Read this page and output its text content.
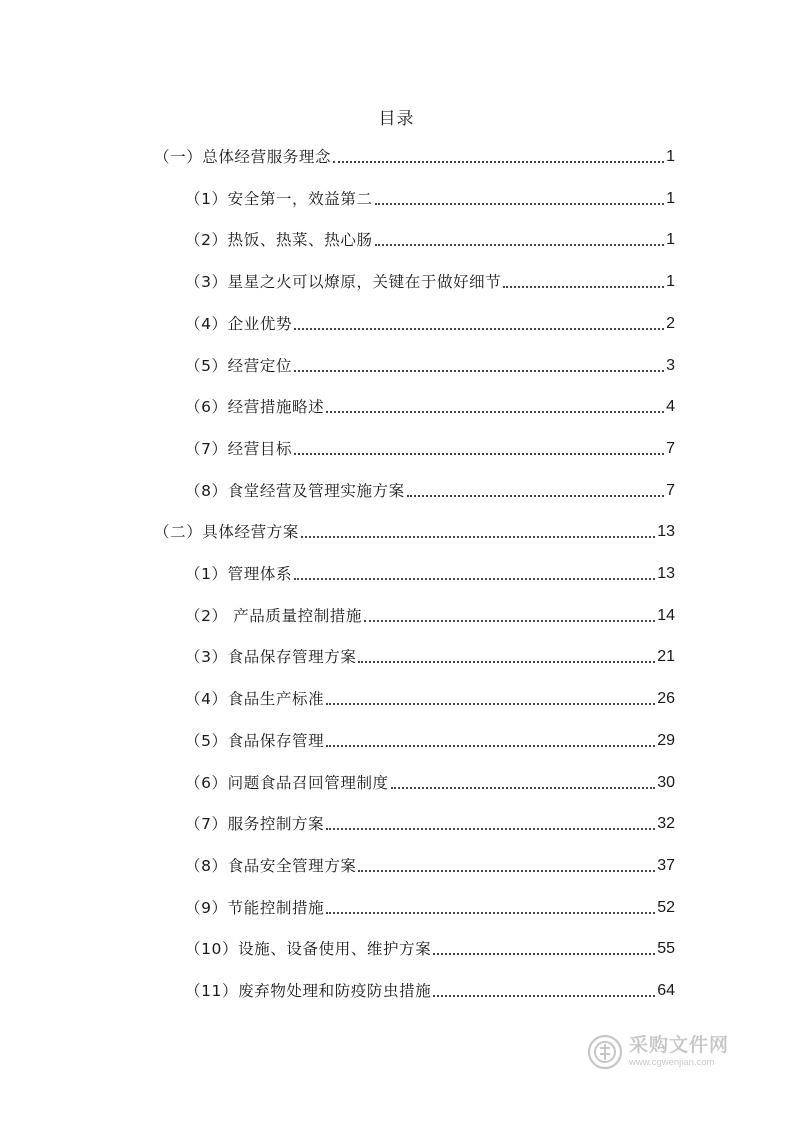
目录
（一）总体经营服务理念	1
（1）安全第一，效益第二	1
（2）热饭、热菜、热心肠	1
（3）星星之火可以燎原，关键在于做好细节	1
（4）企业优势	2
（5）经营定位	3
（6）经营措施略述	4
（7）经营目标	7
（8）食堂经营及管理实施方案	7
（二）具体经营方案	13
（1）管理体系	13
（2） 产品质量控制措施	14
（3）食品保存管理方案	21
（4）食品生产标准	26
（5）食品保存管理	29
（6）问题食品召回管理制度	30
（7）服务控制方案	32
（8）食品安全管理方案	37
（9）节能控制措施	52
（10）设施、设备使用、维护方案	55
（11）废弃物处理和防疫防虫措施	64
采购文件网
www.cgwenjian.com
